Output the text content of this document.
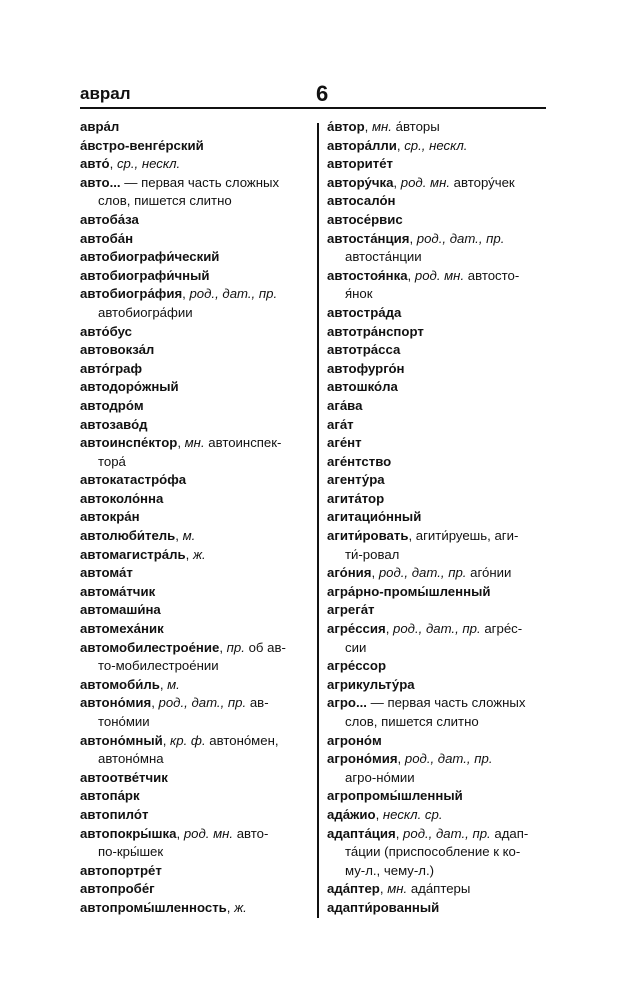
аврал	6
авра́л
а́встро-венге́рский
авто́, ср., нескл.
авто... — первая часть сложных
слов, пишется слитно
автоба́за
автоба́н
автобиографи́ческий
автобиографи́чный
автобиогра́фия, род., дат., пр.
автобиогра́фии
авто́бус
автовокза́л
авто́граф
автодоро́жный
автодро́м
автозаво́д
автоинспе́ктор, мн. автоинспек-
тора́
автокатастро́фа
автоколо́нна
автокра́н
автолюби́тель, м.
автомагистра́ль, ж.
автома́т
автома́тчик
автомаши́на
автомеха́ник
автомобилестрое́ние, пр. об ав-
то-мобилестрое́нии
автомоби́ль, м.
автоно́мия, род., дат., пр. ав-
тоно́мии
автоно́мный, кр. ф. автоно́мен,
автоно́мна
автоотве́тчик
автопа́рк
автопило́т
автопокры́шка, род. мн. авто-
по-кры́шек
автопортре́т
автопробе́г
автопромы́шленность, ж.
а́втор, мн. а́вторы
автора́лли, ср., нескл.
авторите́т
автору́чка, род. мн. автору́чек
автосало́н
автосе́рвис
автоста́нция, род., дат., пр.
автоста́нции
автостоя́нка, род. мн. автосто-
я́нок
автостра́да
автотра́нспорт
автотра́сса
автофурго́н
автошко́ла
ага́ва
ага́т
аге́нт
аге́нтство
агенту́ра
агита́тор
агитацио́нный
агити́ровать, агити́руешь, аги-
ти́-ровал
аго́ния, род., дат., пр. аго́нии
агра́рно-промы́шленный
агрега́т
агре́ссия, род., дат., пр. агре́с-
сии
агре́ссор
агрикульту́ра
агро... — первая часть сложных
слов, пишется слитно
агроно́м
агроно́мия, род., дат., пр.
агро-но́мии
агропромы́шленный
ада́жио, нескл. ср.
адапта́ция, род., дат., пр. адап-
та́ции (приспособление к ко-
му-л., чему-л.)
ада́птер, мн. ада́птеры
адапти́рованный
